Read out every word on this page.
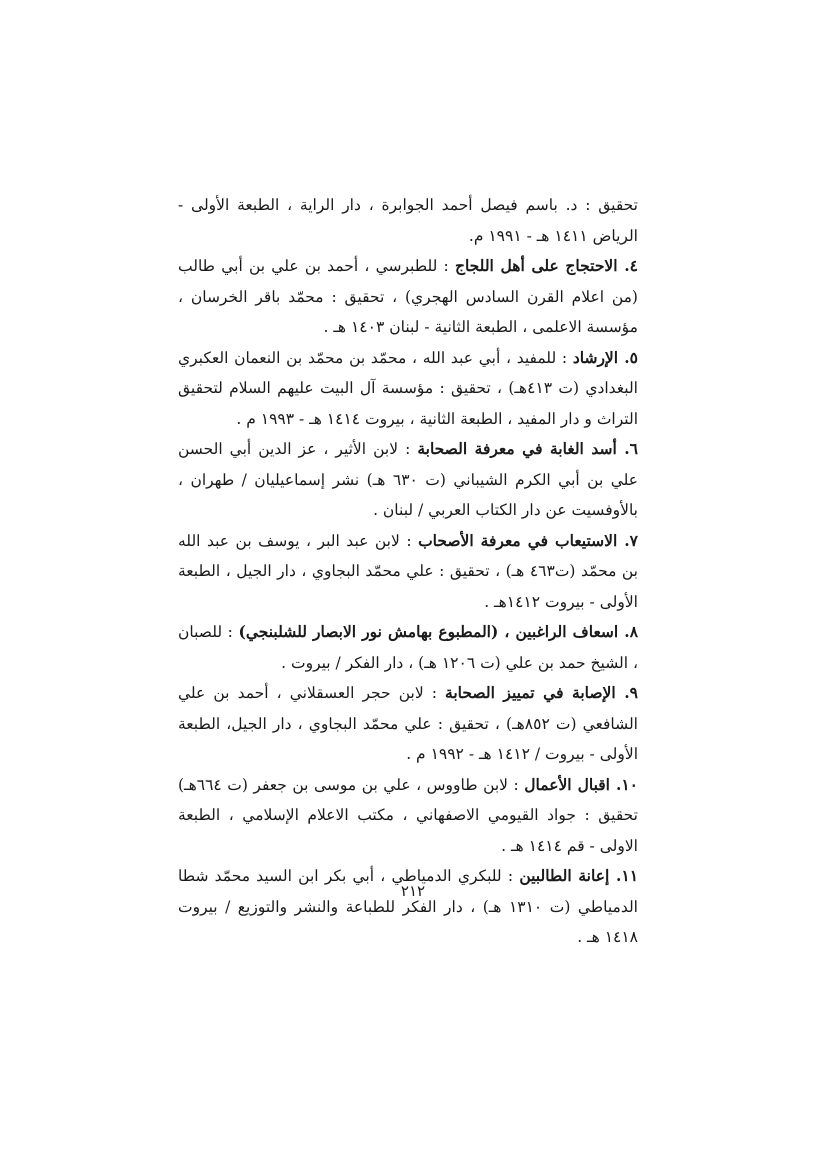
تحقيق : د. باسم فيصل أحمد الجوابرة ، دار الراية ، الطبعة الأولى - الرياض ١٤١١ هـ - ١٩٩١ م.

٤. الاحتجاج على أهل اللجاج : للطبرسي ، أحمد بن علي بن أبي طالب (من اعلام القرن السادس الهجري) ، تحقيق : محمّد باقر الخرسان ، مؤسسة الاعلمى ، الطبعة الثانية - لبنان ١٤٠٣ هـ .

٥. الإرشاد : للمفيد ، أبي عبد الله ، محمّد بن محمّد بن النعمان العكبري البغدادي (ت ٤١٣هـ) ، تحقيق : مؤسسة آل البيت عليهم السلام لتحقيق التراث و دار المفيد ، الطبعة الثانية ، بيروت ١٤١٤ هـ - ١٩٩٣ م .

٦. أسد الغابة في معرفة الصحابة : لابن الأثير ، عز الدين أبي الحسن علي بن أبي الكرم الشيباني (ت ٦٣٠ هـ) نشر إسماعيليان / طهران ، بالأوفسيت عن دار الكتاب العربي / لبنان .

٧. الاستيعاب في معرفة الأصحاب : لابن عبد البر ، يوسف بن عبد الله بن محمّد (ت٤٦٣ هـ) ، تحقيق : علي محمّد البجاوي ، دار الجيل ، الطبعة الأولى - بيروت ١٤١٢هـ .

٨. اسعاف الراغبين ، (المطبوع بهامش نور الابصار للشلبنجي) : للصبان ، الشيخ حمد بن علي (ت ١٢٠٦ هـ) ، دار الفكر / بيروت .

٩. الإصابة في تمييز الصحابة : لابن حجر العسقلاني ، أحمد بن علي الشافعي (ت ٨٥٢هـ) ، تحقيق : علي محمّد البجاوي ، دار الجيل، الطبعة الأولى - بيروت / ١٤١٢ هـ - ١٩٩٢ م .

١٠. اقبال الأعمال : لابن طاووس ، علي بن موسى بن جعفر (ت ٦٦٤هـ) تحقيق : جواد القيومي الاصفهاني ، مكتب الاعلام الإسلامي ، الطبعة الاولى - قم ١٤١٤ هـ .

١١. إعانة الطالبين : للبكري الدمياطي ، أبي بكر ابن السيد محمّد شطا الدمياطي (ت ١٣١٠ هـ) ، دار الفكر للطباعة والنشر والتوزيع / بيروت ١٤١٨ هـ .

٢١٢
